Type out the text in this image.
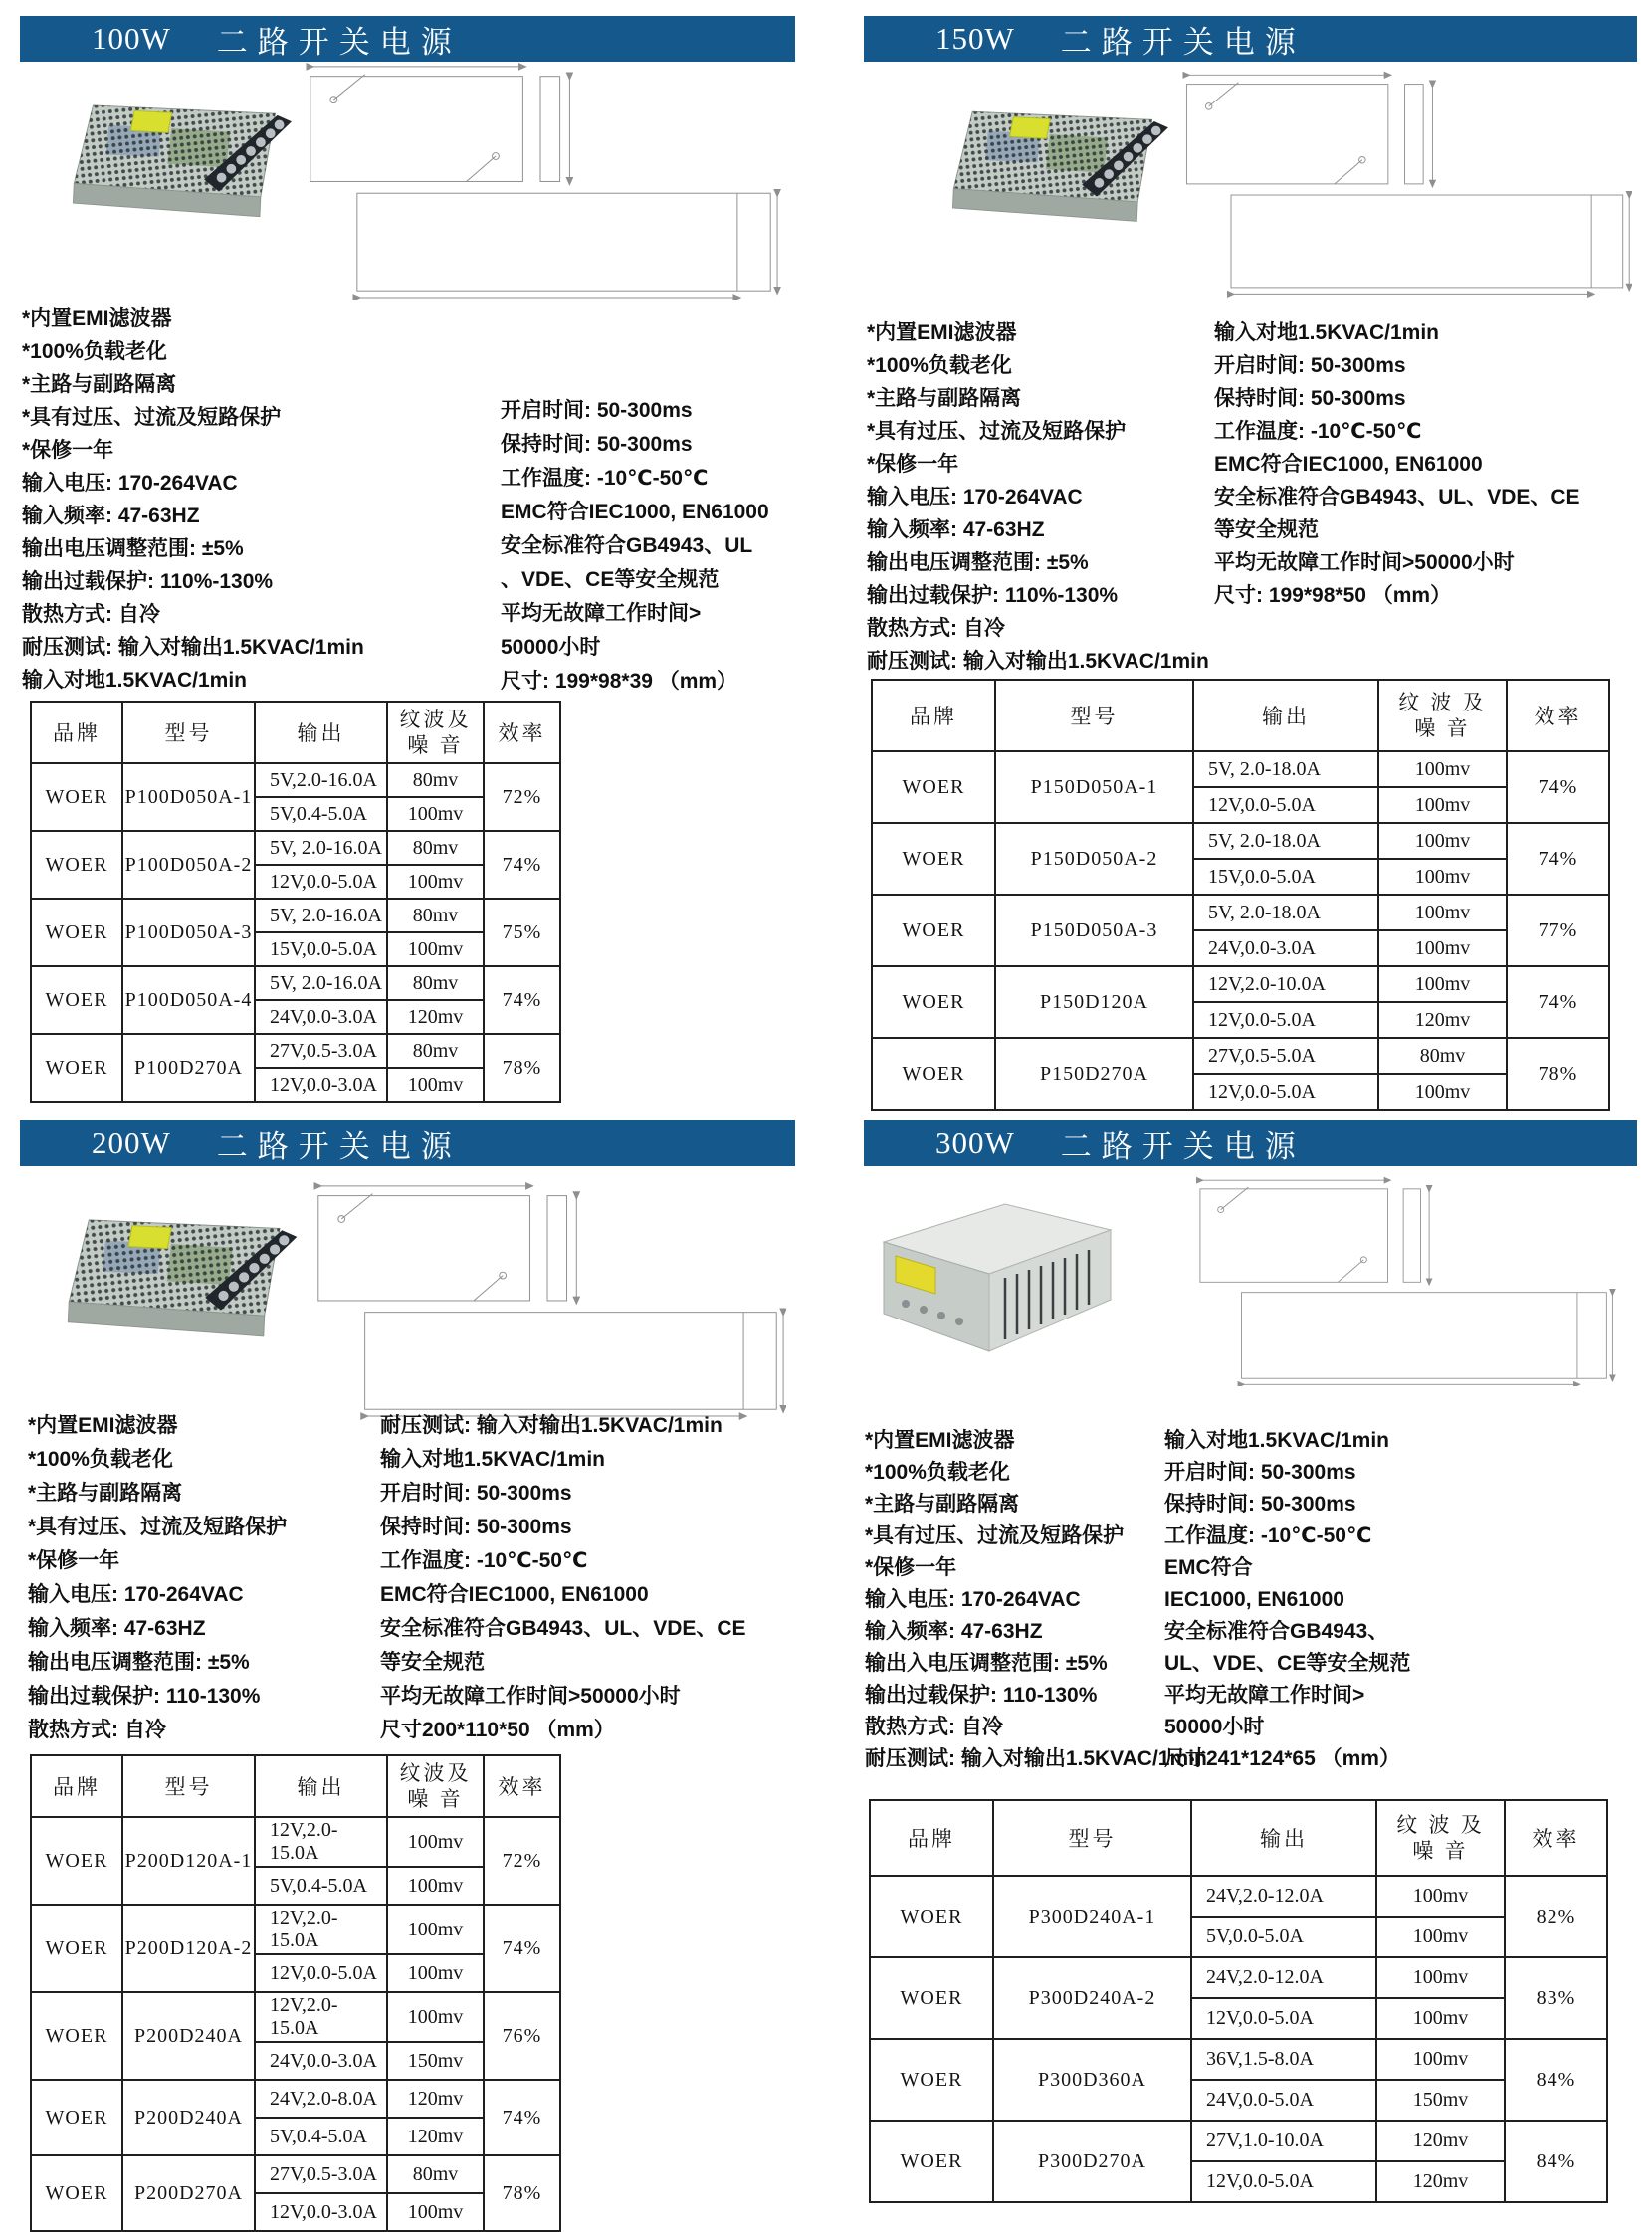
100W 二路开关电源
*内置EMI滤波器
*100%负载老化
*主路与副路隔离
*具有过压、过流及短路保护
*保修一年
输入电压: 170-264VAC
输入频率: 47-63HZ
输出电压调整范围: ±5%
输出过载保护: 110%-130%
散热方式: 自冷
耐压测试: 输入对输出1.5KVAC/1min
输入对地1.5KVAC/1min
开启时间: 50-300ms
保持时间: 50-300ms
工作温度: -10℃-50℃
EMC符合IEC1000, EN61000
安全标准符合GB4943、UL
、VDE、CE等安全规范
平均无故障工作时间>
50000小时
尺寸: 199*98*39 （mm）
品牌	型号	输出	纹波及
噪 音	效率
WOER	P100D050A-1	5V,2.0-16.0A	80mv	72%
		5V,0.4-5.0A	100mv	
WOER	P100D050A-2	5V, 2.0-16.0A	80mv	74%
		12V,0.0-5.0A	100mv	
WOER	P100D050A-3	5V, 2.0-16.0A	80mv	75%
		15V,0.0-5.0A	100mv	
WOER	P100D050A-4	5V, 2.0-16.0A	80mv	74%
		24V,0.0-3.0A	120mv	
WOER	P100D270A	27V,0.5-3.0A	80mv	78%
		12V,0.0-3.0A	100mv	
150W 二路开关电源
*内置EMI滤波器
*100%负载老化
*主路与副路隔离
*具有过压、过流及短路保护
*保修一年
输入电压: 170-264VAC
输入频率: 47-63HZ
输出电压调整范围: ±5%
输出过载保护: 110%-130%
散热方式: 自冷
耐压测试: 输入对输出1.5KVAC/1min
输入对地1.5KVAC/1min
开启时间: 50-300ms
保持时间: 50-300ms
工作温度: -10℃-50℃
EMC符合IEC1000, EN61000
安全标准符合GB4943、UL、VDE、CE
等安全规范
平均无故障工作时间>50000小时
尺寸: 199*98*50 （mm）
品牌	型号	输出	纹 波 及
噪 音	效率
WOER	P150D050A-1	5V, 2.0-18.0A	100mv	74%
		12V,0.0-5.0A	100mv	
WOER	P150D050A-2	5V, 2.0-18.0A	100mv	74%
		15V,0.0-5.0A	100mv	
WOER	P150D050A-3	5V, 2.0-18.0A	100mv	77%
		24V,0.0-3.0A	100mv	
WOER	P150D120A	12V,2.0-10.0A	100mv	74%
		12V,0.0-5.0A	120mv	
WOER	P150D270A	27V,0.5-5.0A	80mv	78%
		12V,0.0-5.0A	100mv	
200W 二路开关电源
*内置EMI滤波器
*100%负载老化
*主路与副路隔离
*具有过压、过流及短路保护
*保修一年
输入电压: 170-264VAC
输入频率: 47-63HZ
输出电压调整范围: ±5%
输出过载保护: 110-130%
散热方式: 自冷
耐压测试: 输入对输出1.5KVAC/1min
输入对地1.5KVAC/1min
开启时间: 50-300ms
保持时间: 50-300ms
工作温度: -10℃-50℃
EMC符合IEC1000, EN61000
安全标准符合GB4943、UL、VDE、CE
等安全规范
平均无故障工作时间>50000小时
尺寸200*110*50 （mm）
品牌	型号	输出	纹波及
噪 音	效率
WOER	P200D120A-1	12V,2.0-15.0A	100mv	72%
		5V,0.4-5.0A	100mv	
WOER	P200D120A-2	12V,2.0-15.0A	100mv	74%
		12V,0.0-5.0A	100mv	
WOER	P200D240A	12V,2.0-15.0A	100mv	76%
		24V,0.0-3.0A	150mv	
WOER	P200D240A	24V,2.0-8.0A	120mv	74%
		5V,0.4-5.0A	120mv	
WOER	P200D270A	27V,0.5-3.0A	80mv	78%
		12V,0.0-3.0A	100mv	
300W 二路开关电源
*内置EMI滤波器
*100%负载老化
*主路与副路隔离
*具有过压、过流及短路保护
*保修一年
输入电压: 170-264VAC
输入频率: 47-63HZ
输出入电压调整范围: ±5%
输出过载保护: 110-130%
散热方式: 自冷
耐压测试: 输入对输出1.5KVAC/1min
输入对地1.5KVAC/1min
开启时间: 50-300ms
保持时间: 50-300ms
工作温度: -10℃-50℃
EMC符合
IEC1000, EN61000
安全标准符合GB4943、
UL、VDE、CE等安全规范
平均无故障工作时间>
50000小时
尺寸241*124*65 （mm）
品牌	型号	输出	纹 波 及
噪 音	效率
WOER	P300D240A-1	24V,2.0-12.0A	100mv	82%
		5V,0.0-5.0A	100mv	
WOER	P300D240A-2	24V,2.0-12.0A	100mv	83%
		12V,0.0-5.0A	100mv	
WOER	P300D360A	36V,1.5-8.0A	100mv	84%
		24V,0.0-5.0A	150mv	
WOER	P300D270A	27V,1.0-10.0A	120mv	84%
		12V,0.0-5.0A	120mv	
